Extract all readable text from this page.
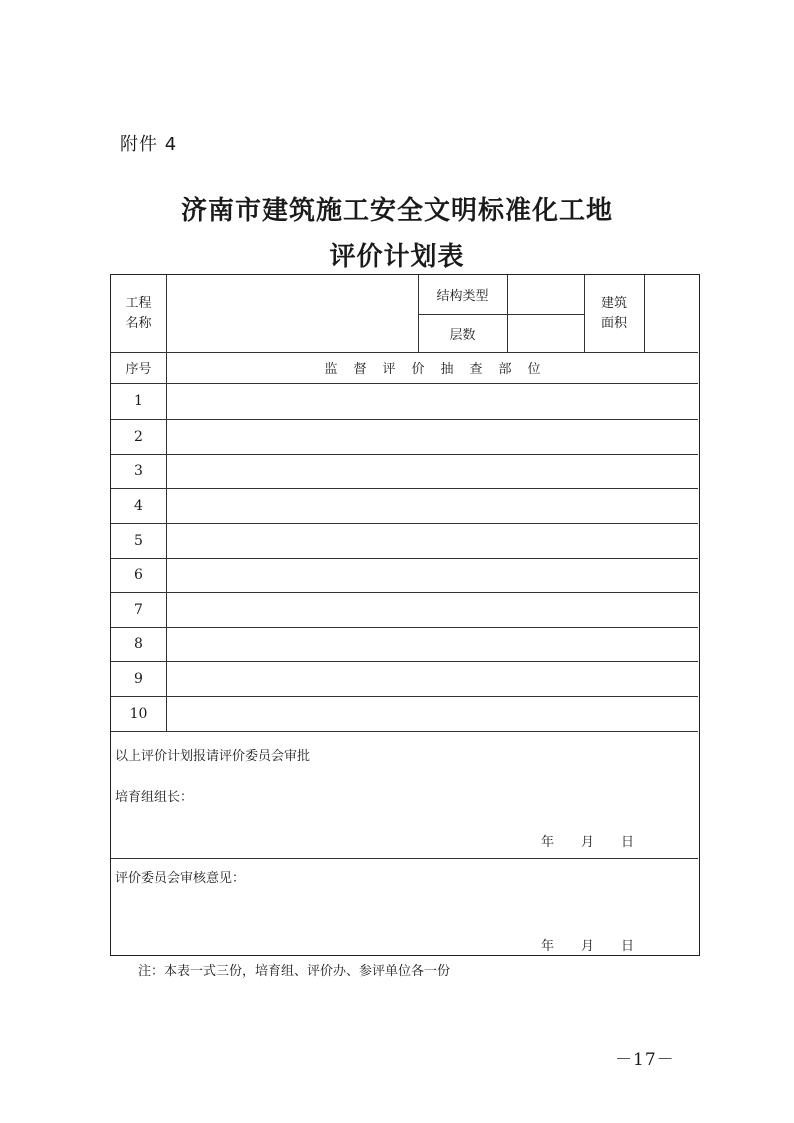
附件 4
济南市建筑施工安全文明标准化工地
评价计划表
工程
名称
结构类型
层数
建筑
面积
序号	监督评价抽查部位
1
2
3
4
5
6
7
8
9
10
以上评价计划报请评价委员会审批
培育组组长：
年 月 日
评价委员会审核意见：
年 月 日
注：本表一式三份，培育组、评价办、参评单位各一份
－17－
